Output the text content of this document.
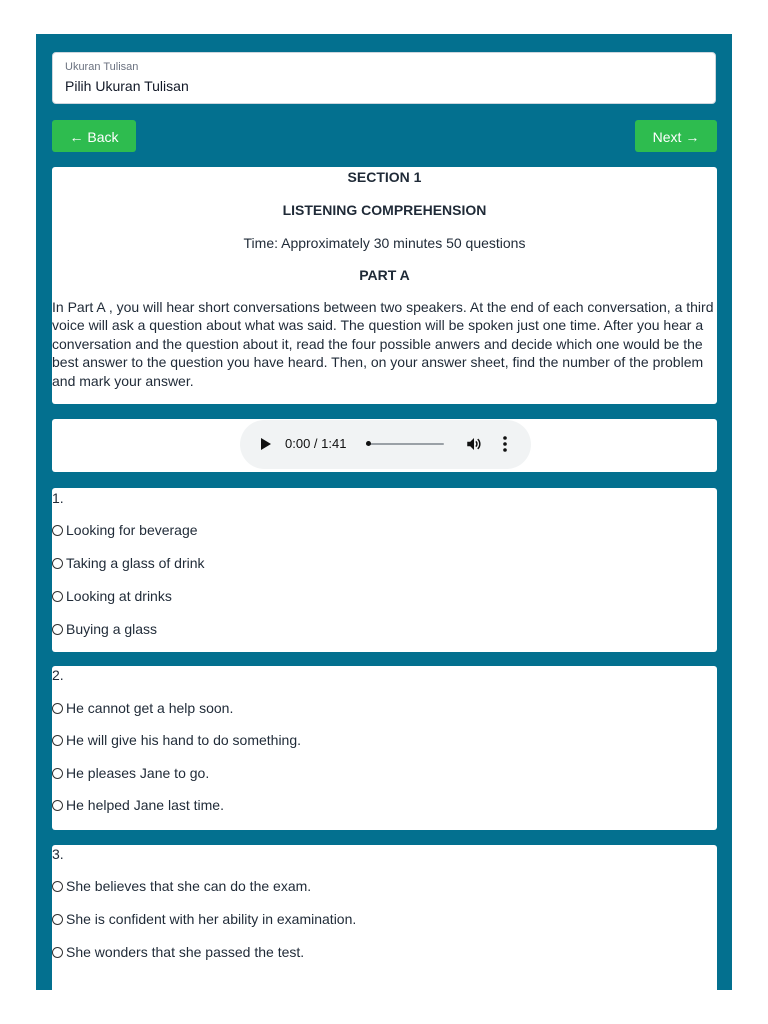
Ukuran Tulisan
Pilih Ukuran Tulisan
← Back	Next →

SECTION 1

LISTENING COMPREHENSION

Time: Approximately 30 minutes 50 questions

PART A

In Part A , you will hear short conversations between two speakers. At the end of each conversation, a third voice will ask a question about what was said. The question will be spoken just one time. After you hear a conversation and the question about it, read the four possible anwers and decide which one would be the best answer to the question you have heard. Then, on your answer sheet, find the number of the problem and mark your answer.

0:00 / 1:41
1.
Looking for beverage
Taking a glass of drink
Looking at drinks
Buying a glass
2.
He cannot get a help soon.
He will give his hand to do something.
He pleases Jane to go.
He helped Jane last time.
3.
She believes that she can do the exam.
She is confident with her ability in examination.
She wonders that she passed the test.
